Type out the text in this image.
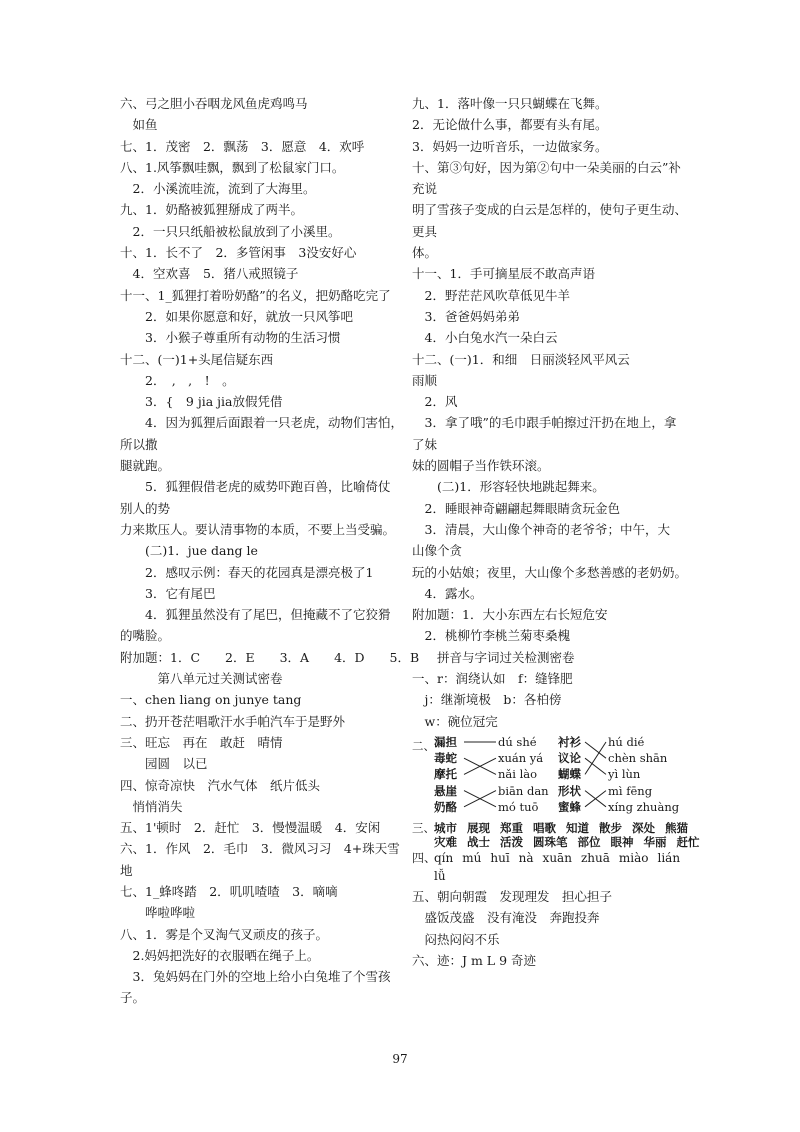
六、弓之胆小吞咽龙风鱼虎鸡鸣马
　如鱼
七、1．茂密　2．飘荡　3．愿意　4．欢呼
八、1.风筝飘哇飘，飘到了松鼠家门口。
　2．小溪流哇流，流到了大海里。
九、1．奶酪被狐狸掰成了两半。
　2．一只只纸船被松鼠放到了小溪里。
十、1．长不了　2．多管闲事　3没安好心
　4．空欢喜　5．猪八戒照镜子
十一、1_狐狸打着吩奶酪”的名义，把奶酪吃完了
　　2．如果你愿意和好，就放一只风筝吧
　　3．小猴子尊重所有动物的生活习惯
十二、(一)1+头尾信疑东西
　　2．　,　,　!　。
　　3．{　9 jia jia放假凭借
　　4．因为狐狸后面跟着一只老虎，动物们害怕，
所以撒
腿就跑。
　　5．狐狸假借老虎的威势吓跑百兽，比喻倚仗
别人的势
力来欺压人。要认清事物的本质，不要上当受骗。
　　(二)1．jue dang le
　　2．感叹示例：春天的花园真是漂亮极了1
　　3．它有尾巴
　　4．狐狸虽然没有了尾巴，但掩藏不了它狡猾
的嘴脸。
附加题：1．C　　2．E　　3．A　　4．D　　5．B
　　　第八单元过关测试密卷
一、chen liang on junye tang
二、扔开苍茫唱歌汗水手帕汽车于是野外
三、旺忘　再在　敢赶　晴情
　　园圆　以已
四、惊奇凉快　汽水气体　纸片低头
　悄悄消失
五、1'顿时　2．赶忙　3．慢慢温暖　4．安闲
六、1．作风　2．毛巾　3．微风习习　4+珠天雪
地
七、1_蜂咚踏　2．叽叽喳喳　3．嘀嘀
　　哗啦哗啦
八、1．雾是个叉淘气叉顽皮的孩子。
　2.妈妈把洗好的衣服晒在绳子上。
　3．兔妈妈在门外的空地上给小白兔堆了个雪孩
子。
九、1．落叶像一只只蝴蝶在飞舞。
2．无论做什么事，都要有头有尾。
3．妈妈一边听音乐，一边做家务。
十、第③句好，因为第②句中一朵美丽的白云”补
充说
明了雪孩子变成的白云是怎样的，使句子更生动、
更具
体。
十一、1．手可摘星辰不敢高声语
　2．野茫茫风吹草低见牛羊
　3．爸爸妈妈弟弟
　4．小白兔水汽一朵白云
十二、(一)1．和细　日丽淡轻风平风云
雨顺
　2．风
　3．拿了哦”的毛巾跟手帕擦过汗扔在地上，拿
了妹
妹的圆帽子当作铁环滚。
　　(二)1．形容轻快地跳起舞来。
　2．睡眼神奇翩翩起舞眼睛贪玩金色
　3．清晨，大山像个神奇的老爷爷；中午，大
山像个贪
玩的小姑娘；夜里，大山像个多愁善感的老奶奶。
　4．露水。
附加题：1．大小东西左右长短危安
　2．桃柳竹李桃兰菊枣桑槐
　　拼音与字词过关检测密卷
一、r：润绕认如　f：缝锋肥
　j：继渐境极　b：各柏傍
　w：碗位冠完
二、 漏担
毒蛇
摩托
悬崖
奶酪
dú shé
xuán yá
nǎi lào
biān dan
mó tuō
衬衫
议论
蝴蝶
形状
蜜蜂
hú dié
chèn shān
yì lùn
mì fēng
xíng zhuàng
三、 城市 展现 郑重 唱歌 知道 散步 深处 熊猫
灾难 战士 活泼 圆珠笔 部位 眼神 华丽 赶忙
四、
qín mú huī nà xuān zhuā miào lián
lǚ
五、朝向朝霞　发现理发　担心担子
　盛饭茂盛　没有淹没　奔跑投奔
　闷热闷闷不乐
六、迹：J m L 9 奇迹
97
